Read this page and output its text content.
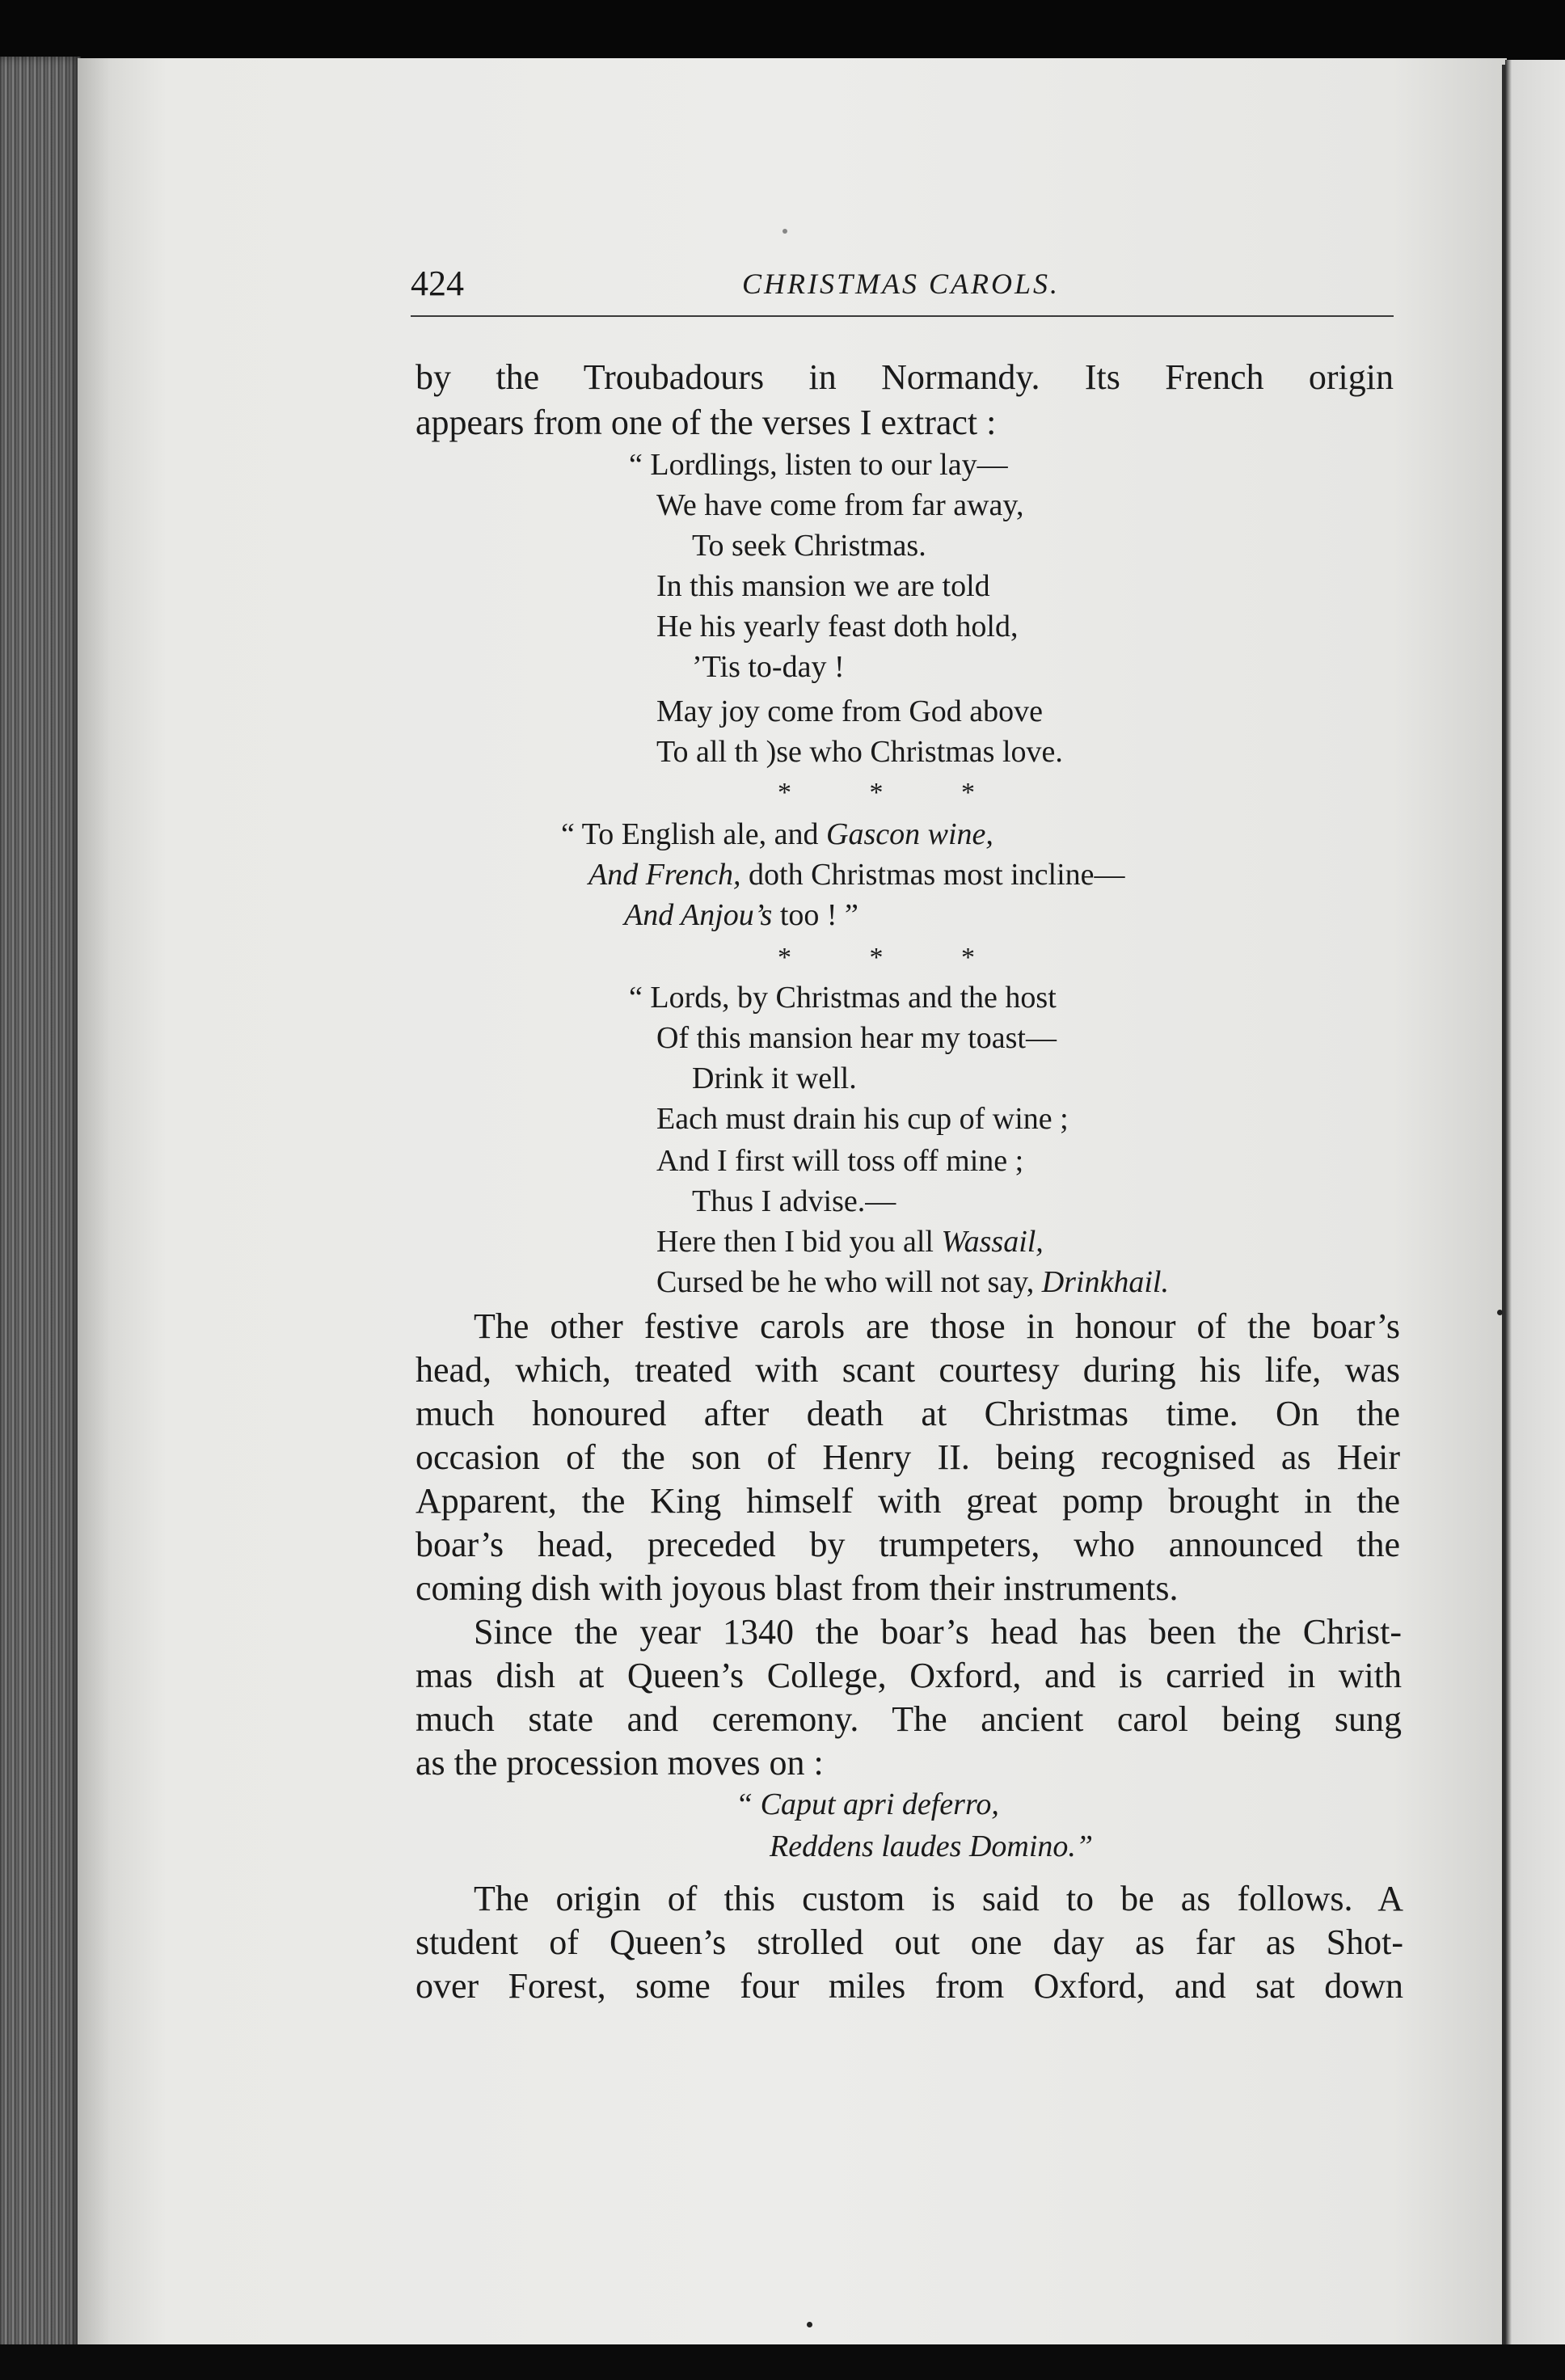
424	CHRISTMAS CAROLS.
by the Troubadours in Normandy. Its French origin
appears from one of the verses I extract :
“ Lordlings, listen to our lay—
We have come from far away,
To seek Christmas.
In this mansion we are told
He his yearly feast doth hold,
’Tis to-day !
May joy come from God above
To all th )se who Christmas love.
* * *
“ To English ale, and Gascon wine,
And French, doth Christmas most incline—
And Anjou’s too ! ”
* * *
“ Lords, by Christmas and the host
Of this mansion hear my toast—
Drink it well.
Each must drain his cup of wine ;
And I first will toss off mine ;
Thus I advise.—
Here then I bid you all Wassail,
Cursed be he who will not say, Drinkhail.
The other festive carols are those in honour of the boar’s
head, which, treated with scant courtesy during his life, was
much honoured after death at Christmas time. On the
occasion of the son of Henry II. being recognised as Heir
Apparent, the King himself with great pomp brought in the
boar’s head, preceded by trumpeters, who announced the
coming dish with joyous blast from their instruments.
Since the year 1340 the boar’s head has been the Christ-
mas dish at Queen’s College, Oxford, and is carried in with
much state and ceremony. The ancient carol being sung
as the procession moves on :
“ Caput apri deferro,
Reddens laudes Domino.”
The origin of this custom is said to be as follows. A
student of Queen’s strolled out one day as far as Shot-
over Forest, some four miles from Oxford, and sat down
